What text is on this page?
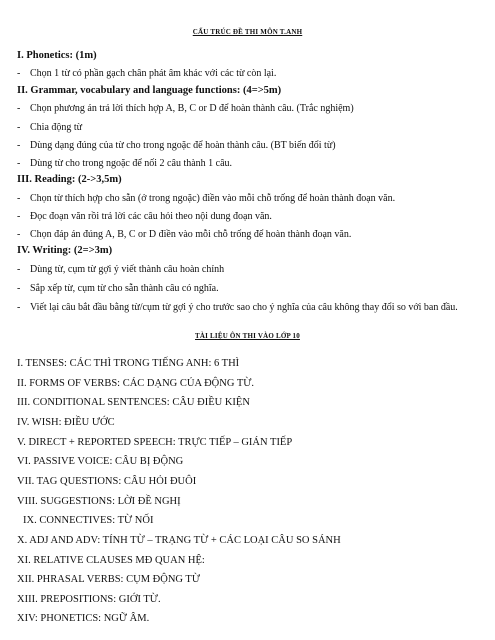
CẤU TRÚC ĐỀ THI MÔN T.ANH
I. Phonetics: (1m)
- Chọn 1 từ có phần gạch chân phát âm khác với các từ còn lại.
II. Grammar, vocabulary and language functions: (4=>5m)
- Chọn phương án trả lời thích hợp A, B, C or D để hoàn thành câu. (Trắc nghiệm)
- Chia động từ
- Dùng dạng đúng của từ cho trong ngoặc để hoàn thành câu. (BT biến đổi từ)
- Dùng từ cho trong ngoặc để nối 2 câu thành 1 câu.
III. Reading: (2->3,5m)
- Chọn từ thích hợp cho sẵn (ở trong ngoặc) điền vào mỗi chỗ trống để hoàn thành đoạn văn.
- Đọc đoạn văn rồi trả lời các câu hỏi theo nội dung đoạn văn.
- Chọn đáp án đúng A, B, C or D điền vào mỗi chỗ trống để hoàn thành đoạn văn.
IV. Writing: (2=>3m)
- Dùng từ, cụm từ gợi ý viết thành câu hoàn chỉnh
- Sắp xếp từ, cụm từ cho sẵn thành câu có nghĩa.
- Viết lại câu bắt đầu bằng từ/cụm từ gợi ý cho trước sao cho ý nghĩa của câu không thay đổi so với ban đầu.
TÀI LIỆU ÔN THI VÀO LỚP 10
I. TENSES: CÁC THÌ TRONG TIẾNG ANH: 6 THÌ
II. FORMS OF VERBS: CÁC DẠNG CỦA ĐỘNG TỪ.
III. CONDITIONAL SENTENCES: CÂU ĐIỀU KIỆN
IV. WISH: ĐIỀU ƯỚC
V. DIRECT + REPORTED SPEECH: TRỰC TIẾP – GIÁN TIẾP
VI. PASSIVE VOICE: CÂU BỊ ĐỘNG
VII. TAG QUESTIONS: CÂU HỎI ĐUÔI
VIII. SUGGESTIONS: LỜI ĐỀ NGHỊ
IX. CONNECTIVES: TỪ NỐI
X. ADJ AND ADV: TÍNH TỪ – TRẠNG TỪ + CÁC LOẠI CÂU SO SÁNH
XI. RELATIVE CLAUSES MĐ QUAN HỆ:
XII. PHRASAL VERBS: CỤM ĐỘNG TỪ
XIII. PREPOSITIONS: GIỚI TỪ.
XIV: PHONETICS: NGỮ ÂM.
